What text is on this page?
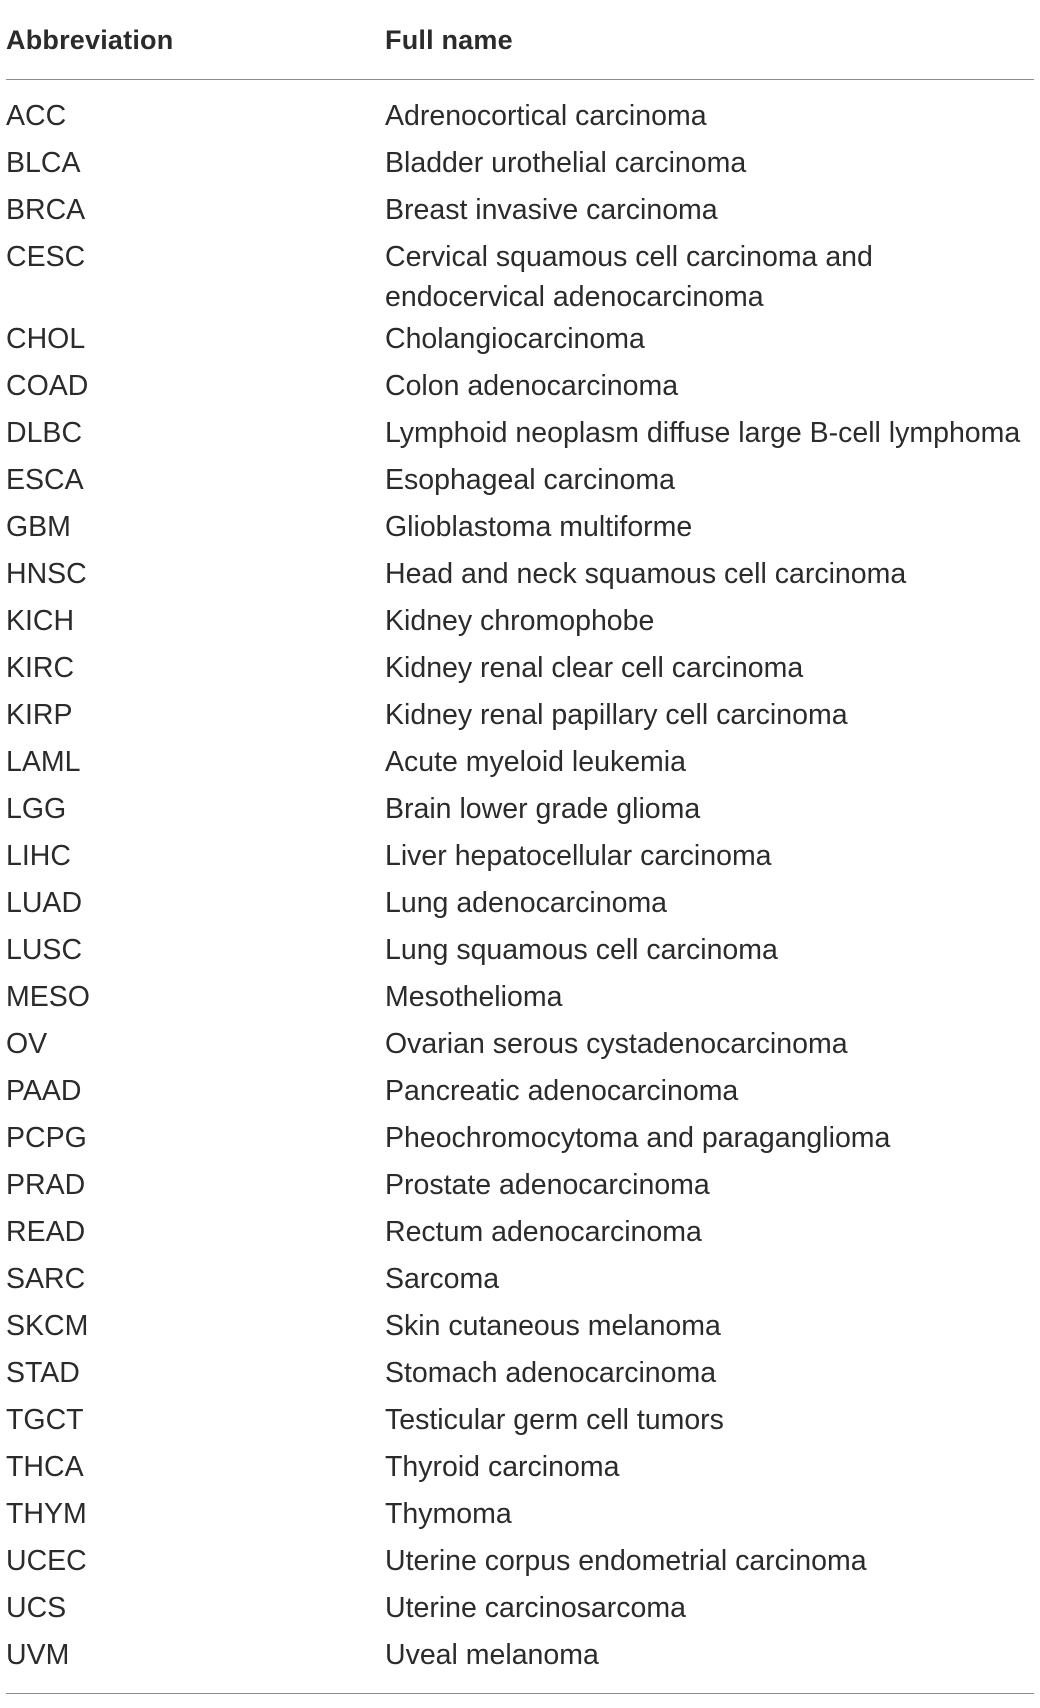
Abbreviation	Full name
ACC	Adrenocortical carcinoma
BLCA	Bladder urothelial carcinoma
BRCA	Breast invasive carcinoma
CESC	Cervical squamous cell carcinoma and endocervical adenocarcinoma
CHOL	Cholangiocarcinoma
COAD	Colon adenocarcinoma
DLBC	Lymphoid neoplasm diffuse large B-cell lymphoma
ESCA	Esophageal carcinoma
GBM	Glioblastoma multiforme
HNSC	Head and neck squamous cell carcinoma
KICH	Kidney chromophobe
KIRC	Kidney renal clear cell carcinoma
KIRP	Kidney renal papillary cell carcinoma
LAML	Acute myeloid leukemia
LGG	Brain lower grade glioma
LIHC	Liver hepatocellular carcinoma
LUAD	Lung adenocarcinoma
LUSC	Lung squamous cell carcinoma
MESO	Mesothelioma
OV	Ovarian serous cystadenocarcinoma
PAAD	Pancreatic adenocarcinoma
PCPG	Pheochromocytoma and paraganglioma
PRAD	Prostate adenocarcinoma
READ	Rectum adenocarcinoma
SARC	Sarcoma
SKCM	Skin cutaneous melanoma
STAD	Stomach adenocarcinoma
TGCT	Testicular germ cell tumors
THCA	Thyroid carcinoma
THYM	Thymoma
UCEC	Uterine corpus endometrial carcinoma
UCS	Uterine carcinosarcoma
UVM	Uveal melanoma
